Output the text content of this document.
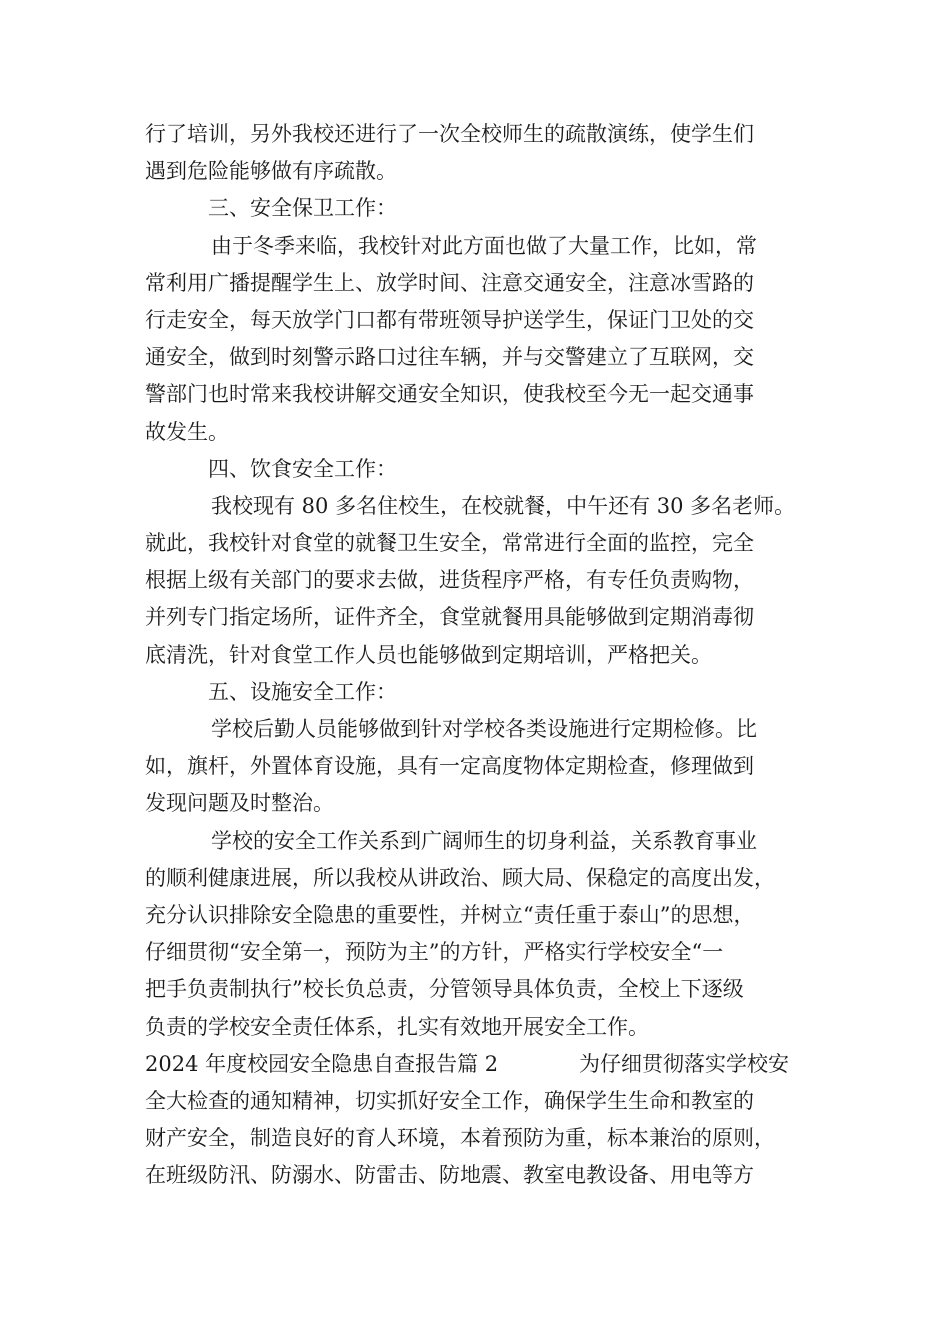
行了培训，另外我校还进行了一次全校师生的疏散演练，使学生们
遇到危险能够做有序疏散。
三、安全保卫工作：
由于冬季来临，我校针对此方面也做了大量工作，比如，常
常利用广播提醒学生上、放学时间、注意交通安全，注意冰雪路的
行走安全，每天放学门口都有带班领导护送学生，保证门卫处的交
通安全，做到时刻警示路口过往车辆，并与交警建立了互联网，交
警部门也时常来我校讲解交通安全知识，使我校至今无一起交通事
故发生。
四、饮食安全工作：
我校现有 80 多名住校生，在校就餐，中午还有 30 多名老师。
就此，我校针对食堂的就餐卫生安全，常常进行全面的监控，完全
根据上级有关部门的要求去做，进货程序严格，有专任负责购物，
并列专门指定场所，证件齐全，食堂就餐用具能够做到定期消毒彻
底清洗，针对食堂工作人员也能够做到定期培训，严格把关。
五、设施安全工作：
学校后勤人员能够做到针对学校各类设施进行定期检修。比
如，旗杆，外置体育设施，具有一定高度物体定期检查，修理做到
发现问题及时整治。
学校的安全工作关系到广阔师生的切身利益，关系教育事业
的顺利健康进展，所以我校从讲政治、顾大局、保稳定的高度出发，
充分认识排除安全隐患的重要性，并树立“责任重于泰山”的思想，
仔细贯彻“安全第一，预防为主”的方针，严格实行学校安全“一
把手负责制执行”校长负总责，分管领导具体负责，全校上下逐级
负责的学校安全责任体系，扎实有效地开展安全工作。
2024 年度校园安全隐患自查报告篇 2	为仔细贯彻落实学校安
全大检查的通知精神，切实抓好安全工作，确保学生生命和教室的
财产安全，制造良好的育人环境，本着预防为重，标本兼治的原则，
在班级防汛、防溺水、防雷击、防地震、教室电教设备、用电等方
